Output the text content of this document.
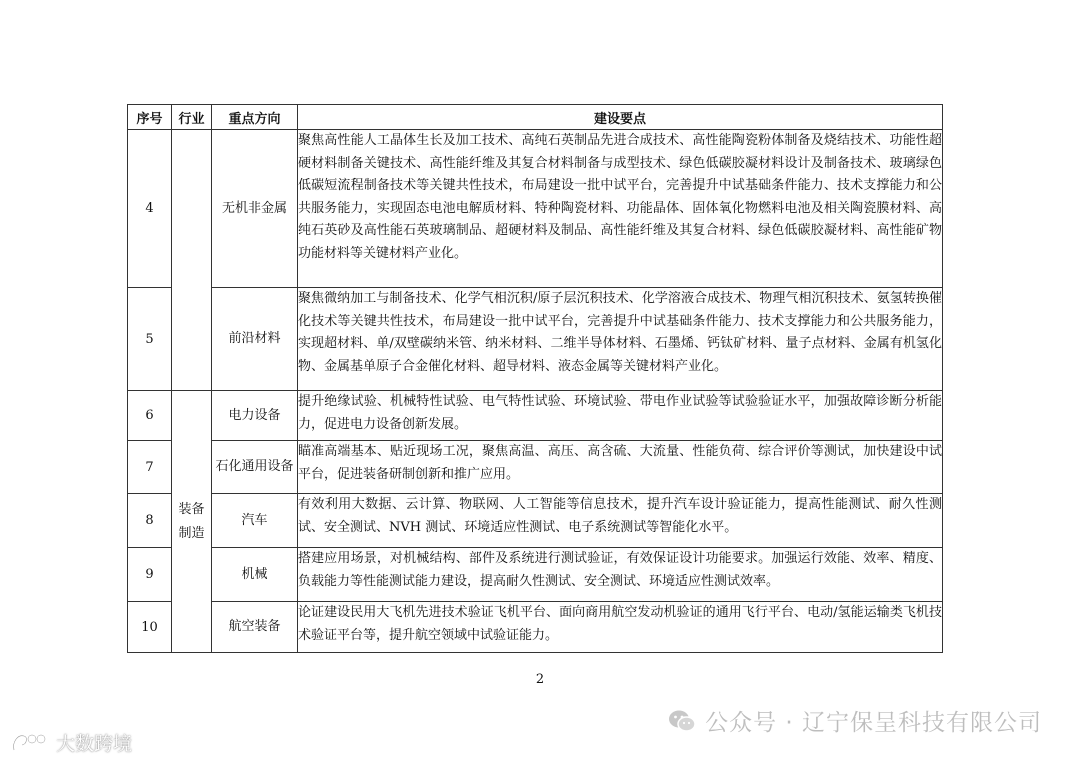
序号	行业	重点方向	建设要点
4		无机非金属	聚焦高性能人工晶体生长及加工技术、高纯石英制品先进合成技术、高性能陶瓷粉体制备及烧结技术、功能性超硬材料制备关键技术、高性能纤维及其复合材料制备与成型技术、绿色低碳胶凝材料设计及制备技术、玻璃绿色低碳短流程制备技术等关键共性技术，布局建设一批中试平台，完善提升中试基础条件能力、技术支撑能力和公共服务能力，实现固态电池电解质材料、特种陶瓷材料、功能晶体、固体氧化物燃料电池及相关陶瓷膜材料、高纯石英砂及高性能石英玻璃制品、超硬材料及制品、高性能纤维及其复合材料、绿色低碳胶凝材料、高性能矿物功能材料等关键材料产业化。
5		前沿材料	聚焦微纳加工与制备技术、化学气相沉积/原子层沉积技术、化学溶液合成技术、物理气相沉积技术、氨氢转换催化技术等关键共性技术，布局建设一批中试平台，完善提升中试基础条件能力、技术支撑能力和公共服务能力，实现超材料、单/双壁碳纳米管、纳米材料、二维半导体材料、石墨烯、钙钛矿材料、量子点材料、金属有机氢化物、金属基单原子合金催化材料、超导材料、液态金属等关键材料产业化。
6	装备制造	电力设备	提升绝缘试验、机械特性试验、电气特性试验、环境试验、带电作业试验等试验验证水平，加强故障诊断分析能力，促进电力设备创新发展。
7		石化通用设备	瞄准高端基本、贴近现场工况，聚焦高温、高压、高含硫、大流量、性能负荷、综合评价等测试，加快建设中试平台，促进装备研制创新和推广应用。
8		汽车	有效利用大数据、云计算、物联网、人工智能等信息技术，提升汽车设计验证能力，提高性能测试、耐久性测试、安全测试、NVH 测试、环境适应性测试、电子系统测试等智能化水平。
9		机械	搭建应用场景，对机械结构、部件及系统进行测试验证，有效保证设计功能要求。加强运行效能、效率、精度、负载能力等性能测试能力建设，提高耐久性测试、安全测试、环境适应性测试效率。
10		航空装备	论证建设民用大飞机先进技术验证飞机平台、面向商用航空发动机验证的通用飞行平台、电动/氢能运输类飞机技术验证平台等，提升航空领域中试验证能力。
2
公众号 · 辽宁保呈科技有限公司
大数跨境
